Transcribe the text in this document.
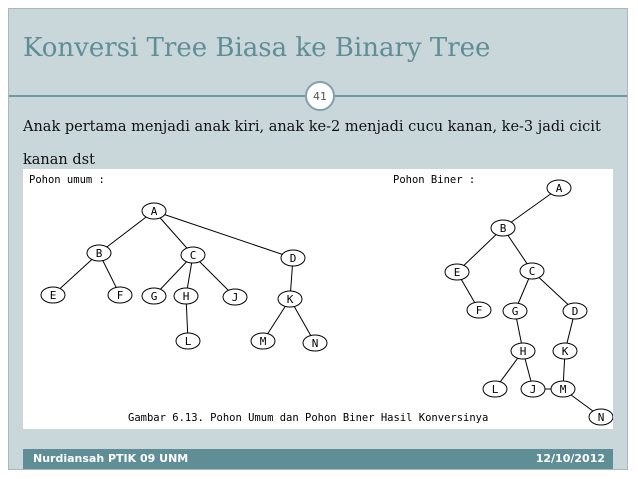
Konversi Tree Biasa ke Binary Tree
41
Anak pertama menjadi anak kiri, anak ke-2 menjadi cucu kanan, ke-3 jadi cicit kanan dst
A
B	C	D
E	F G H	J	K
L	M	N
A
B
E	C
F	G	D
H	K
L	J M
N
Pohon umum :	Pohon Biner :
Gambar 6.13. Pohon Umum dan Pohon Biner Hasil Konversinya
Nurdiansah PTIK 09 UNM	12/10/2012
